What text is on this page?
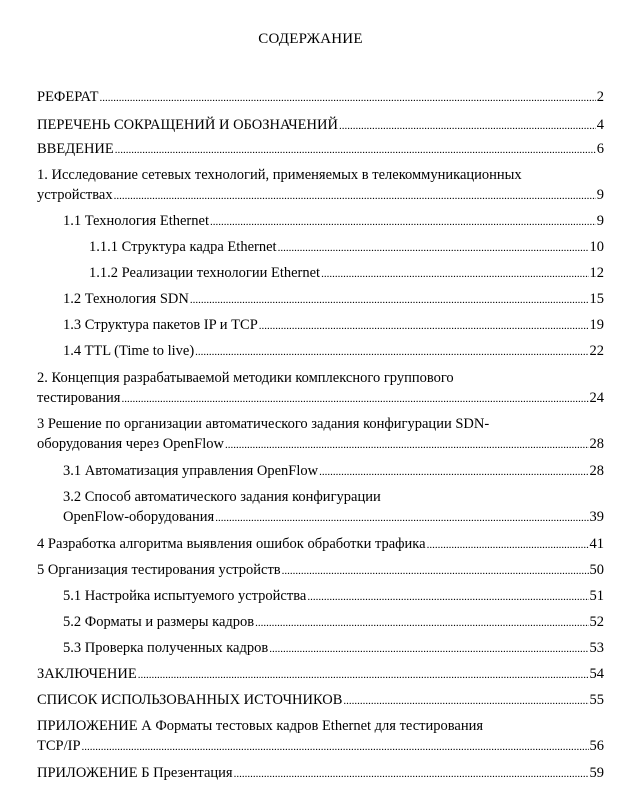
СОДЕРЖАНИЕ
РЕФЕРАТ .....	2
ПЕРЕЧЕНЬ СОКРАЩЕНИЙ И ОБОЗНАЧЕНИЙ .....	4
ВВЕДЕНИЕ .....	6
1. Исследование сетевых технологий, применяемых в телекоммуникационных
устройствах .....	9
1.1 Технология Ethernet .....	9
1.1.1 Структура кадра Ethernet .....	10
1.1.2 Реализации технологии Ethernet .....	12
1.2 Технология SDN .....	15
1.3 Структура пакетов IP и TCP .....	19
1.4 TTL (Time to live) .....	22
2. Концепция разрабатываемой методики комплексного группового
тестирования .....	24
3 Решение по организации автоматического задания конфигурации SDN-
оборудования через OpenFlow .....	28
3.1 Автоматизация управления OpenFlow .....	28
3.2 Способ автоматического задания конфигурации
OpenFlow-оборудования .....	39
4 Разработка алгоритма выявления ошибок обработки трафика .....	41
5 Организация тестирования устройств .....	50
5.1 Настройка испытуемого устройства .....	51
5.2 Форматы и размеры кадров .....	52
5.3 Проверка полученных кадров .....	53
ЗАКЛЮЧЕНИЕ .....	54
СПИСОК ИСПОЛЬЗОВАННЫХ ИСТОЧНИКОВ .....	55
ПРИЛОЖЕНИЕ А Форматы тестовых кадров Ethernet для тестирования
TCP/IP .....	56
ПРИЛОЖЕНИЕ Б Презентация .....	59
